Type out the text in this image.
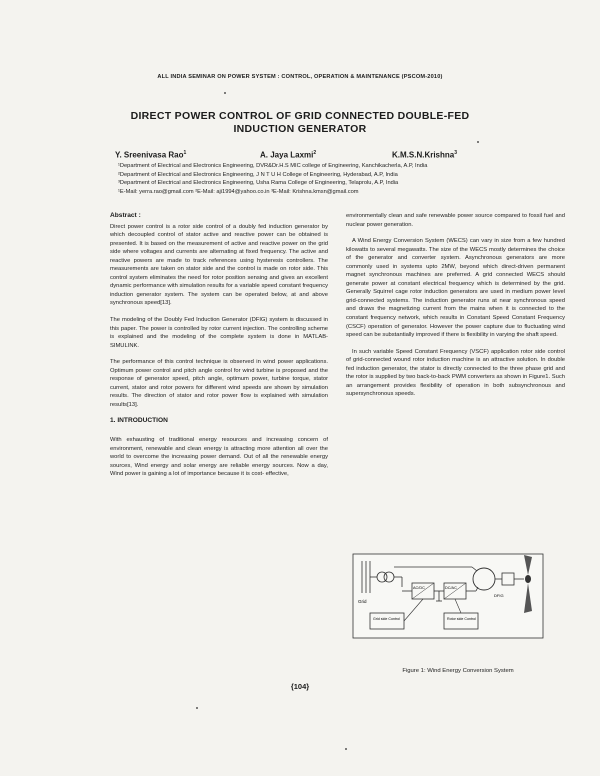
ALL INDIA SEMINAR ON POWER SYSTEM : CONTROL, OPERATION & MAINTENANCE (PSCOM-2010)
DIRECT POWER CONTROL OF GRID CONNECTED DOUBLE-FED
INDUCTION GENERATOR
Y. Sreenivasa Rao$^1$	A. Jaya Laxmi$^2$	K.M.S.N.Krishna$^3$
¹Department of Electrical and Electronics Engineering, DVR&Dr.H.S MIC college of Engineering, Kanchikacherla, A.P, India
²Department of Electrical and Electronics Engineering, J N T U H College of Engineering, Hyderabad, A.P, India
³Department of Electrical and Electronics Engineering, Usha Rama College of Engineering, Telaprolu, A.P, India
¹E-Mail: yerra.rao@gmail.com ²E-Mail: aji1994@yahoo.co.in ³E-Mail: Krishna.kmsn@gmail.com
Abstract :

Direct power control is a rotor side control of a doubly fed induction generator by which decoupled control of stator active and reactive power can be obtained is presented. It is based on the measurement of active and reactive power on the grid side where voltages and currents are alternating at fixed frequency. The active and reactive powers are made to track references using hysteresis controllers. The measurements are taken on stator side and the control is made on rotor side. This control system eliminates the need for rotor position sensing and gives an excellent dynamic performance with simulation results for a variable speed constant frequency induction generator system. The system can be operated below, at and above synchronous speed[13].

The modeling of the Doubly Fed Induction Generator (DFIG) system is discussed in this paper. The power is controlled by rotor current injection. The controlling scheme is explained and the modeling of the complete system is done in MATLAB-SIMULINK.

The performance of this control technique is observed in wind power applications. Optimum power control and pitch angle control for wind turbine is proposed and the response of generator speed, pitch angle, optimum power, turbine torque, stator current, stator and rotor powers for different wind speeds are shown by simulation results. The direction of stator and rotor power flow is explained with simulation results[13].

1. INTRODUCTION

With exhausting of traditional energy resources and increasing concern of environment, renewable and clean energy is attracting more attention all over the world to overcome the increasing power demand. Out of all the renewable energy sources, Wind energy and solar energy are reliable energy sources. Now a day, Wind power is gaining a lot of importance because it is cost- effective,

environmentally clean and safe renewable power source compared to fossil fuel and nuclear power generation.

A Wind Energy Conversion System (WECS) can vary in size from a few hundred kilowatts to several megawatts. The size of the WECS mostly determines the choice of the generator and converter system. Asynchronous generators are more commonly used in systems upto 2MW, beyond which direct-driven permanent magnet synchronous machines are preferred. A grid connected WECS should generate power at constant electrical frequency which is determined by the grid. Generally Squirrel cage rotor induction generators are used in medium power level grid-connected systems. The induction generator runs at near synchronous speed and draws the magnetizing current from the mains when it is connected to the constant frequency network, which results in Constant Speed Constant Frequency (CSCF) operation of generator. However the power capture due to fluctuating wind speed can be substantially improved if there is flexibility in varying the shaft speed.

In such variable Speed Constant Frequency (VSCF) application rotor side control of grid-connected wound rotor induction machine is an attractive solution. In double fed induction generator, the stator is directly connected to the three phase grid and the rotor is supplied by two back-to-back PWM converters as shown in Figure1. Such an arrangement provides flexibility of operation in both subsynchronous and supersynchronous speeds.

Grid
AC/DC	DC/AC
DFIG
Grid side Control	Rotor side Control
Figure 1: Wind Energy Conversion System
{104}
